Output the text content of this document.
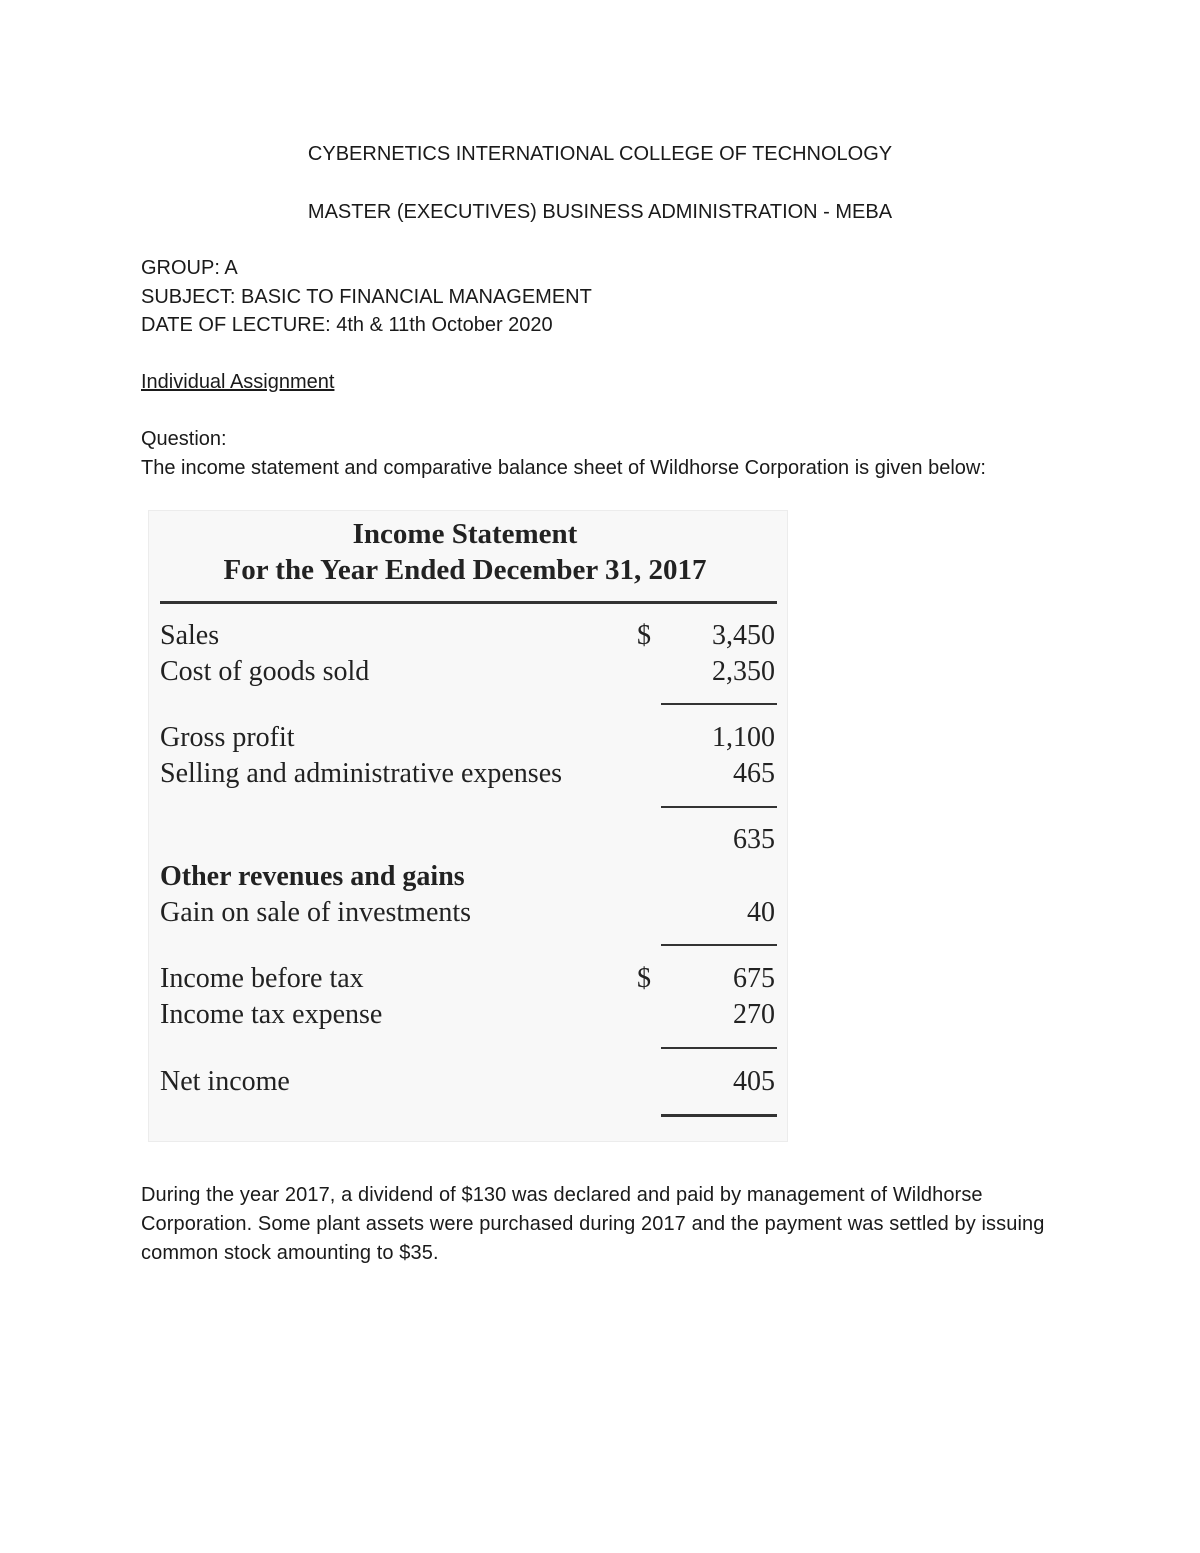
CYBERNETICS INTERNATIONAL COLLEGE OF TECHNOLOGY
MASTER (EXECUTIVES) BUSINESS ADMINISTRATION - MEBA
GROUP: A
SUBJECT: BASIC TO FINANCIAL MANAGEMENT
DATE OF LECTURE: 4th & 11th October 2020
Individual Assignment
Question:
The income statement and comparative balance sheet of Wildhorse Corporation is given below:
Income Statement
For the Year Ended December 31, 2017
Sales	$ 3,450
Cost of goods sold	2,350
Gross profit	1,100
Selling and administrative expenses	465
635
Other revenues and gains
Gain on sale of investments	40
Income before tax	$	675
Income tax expense	270
Net income	405
During the year 2017, a dividend of $130 was declared and paid by management of Wildhorse Corporation. Some plant assets were purchased during 2017 and the payment was settled by issuing common stock amounting to $35.
